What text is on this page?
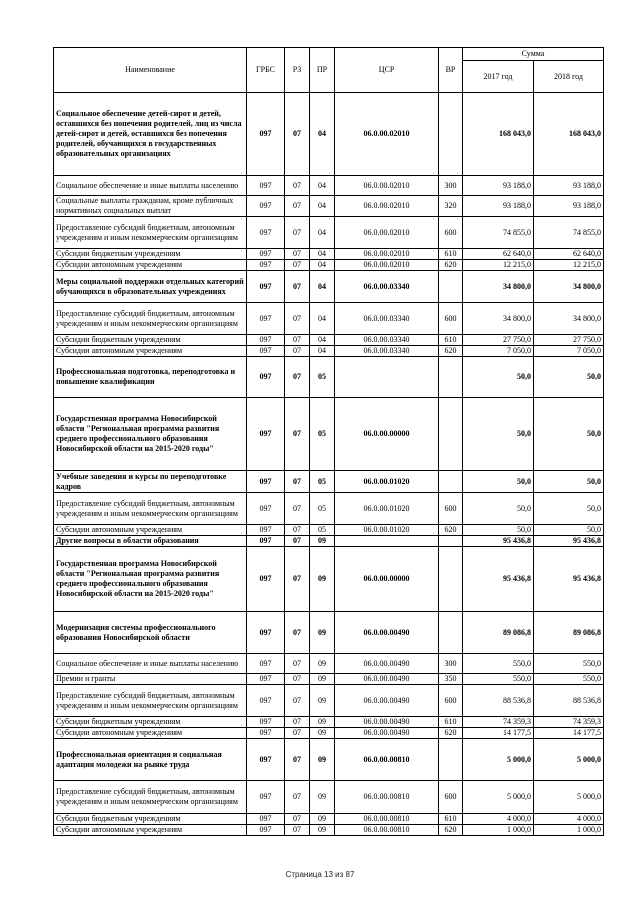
Наименование	ГРБС	РЗ	ПР	ЦСР	ВР	Сумма	
						2017 год	2018 год
Социальное обеспечение детей-сирот и детей, оставшихся без попечения родителей, лиц из числа детей-сирот и детей, оставшихся без попечения родителей, обучающихся в государственных образовательных организациях	097	07	04	06.0.00.02010		168 043,0	168 043,0
Социальное обеспечение и иные выплаты населению	097	07	04	06.0.00.02010	300	93 188,0	93 188,0
Социальные выплаты гражданам, кроме публичных нормативных социальных выплат	097	07	04	06.0.00.02010	320	93 188,0	93 188,0
Предоставление субсидий бюджетным, автономным учреждениям и иным некоммерческим организациям	097	07	04	06.0.00.02010	600	74 855,0	74 855,0
Субсидии бюджетным учреждениям	097	07	04	06.0.00.02010	610	62 640,0	62 640,0
Субсидии автономным учреждениям	097	07	04	06.0.00.02010	620	12 215,0	12 215,0
Меры социальной поддержки отдельных категорий обучающихся в образовательных учреждениях	097	07	04	06.0.00.03340		34 800,0	34 800,0
Предоставление субсидий бюджетным, автономным учреждениям и иным некоммерческим организациям	097	07	04	06.0.00.03340	600	34 800,0	34 800,0
Субсидии бюджетным учреждениям	097	07	04	06.0.00.03340	610	27 750,0	27 750,0
Субсидии автономным учреждениям	097	07	04	06.0.00.03340	620	7 050,0	7 050,0
Профессиональная подготовка, переподготовка и повышение квалификации	097	07	05			50,0	50,0
Государственная программа Новосибирской области "Региональная программа развития среднего профессионального образования Новосибирской области на 2015-2020 годы"	097	07	05	06.0.00.00000		50,0	50,0
Учебные заведения и курсы по переподготовке кадров	097	07	05	06.0.00.01020		50,0	50,0
Предоставление субсидий бюджетным, автономным учреждениям и иным некоммерческим организациям	097	07	05	06.0.00.01020	600	50,0	50,0
Субсидии автономным учреждениям	097	07	05	06.0.00.01020	620	50,0	50,0
Другие вопросы в области образования	097	07	09			95 436,8	95 436,8
Государственная программа Новосибирской области "Региональная программа развития среднего профессионального образования Новосибирской области на 2015-2020 годы"	097	07	09	06.0.00.00000		95 436,8	95 436,8
Модернизация системы профессионального образования Новосибирской области	097	07	09	06.0.00.00490		89 086,8	89 086,8
Социальное обеспечение и иные выплаты населению	097	07	09	06.0.00.00490	300	550,0	550,0
Премии и гранты	097	07	09	06.0.00.00490	350	550,0	550,0
Предоставление субсидий бюджетным, автономным учреждениям и иным некоммерческим организациям	097	07	09	06.0.00.00490	600	88 536,8	88 536,8
Субсидии бюджетным учреждениям	097	07	09	06.0.00.00490	610	74 359,3	74 359,3
Субсидии автономным учреждениям	097	07	09	06.0.00.00490	620	14 177,5	14 177,5
Профессиональная ориентация и социальная адаптация молодежи на рынке труда	097	07	09	06.0.00.00810		5 000,0	5 000,0
Предоставление субсидий бюджетным, автономным учреждениям и иным некоммерческим организациям	097	07	09	06.0.00.00810	600	5 000,0	5 000,0
Субсидии бюджетным учреждениям	097	07	09	06.0.00.00810	610	4 000,0	4 000,0
Субсидии автономным учреждениям	097	07	09	06.0.00.00810	620	1 000,0	1 000,0
Страница 13 из 87
